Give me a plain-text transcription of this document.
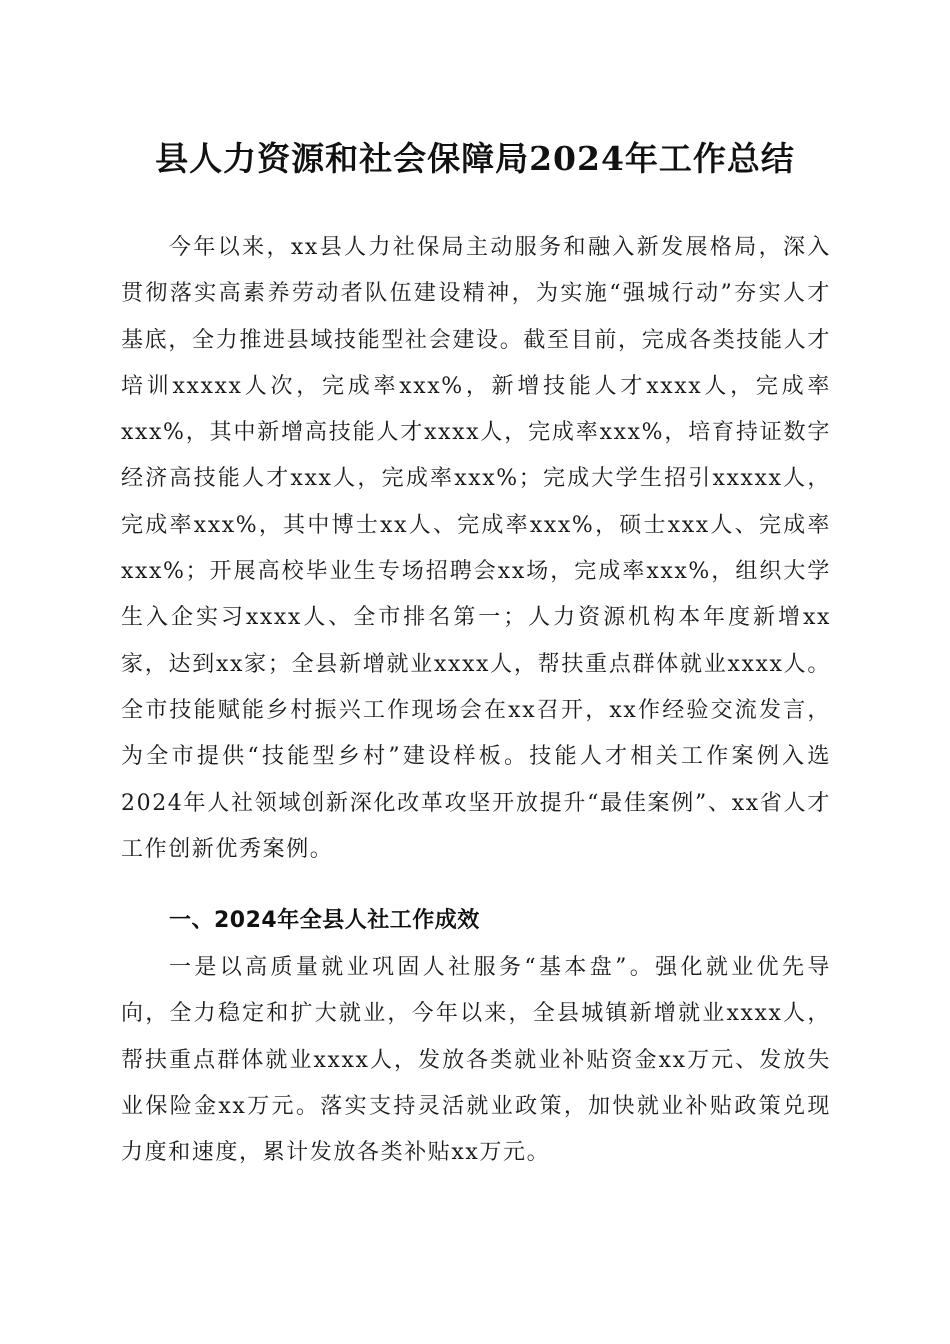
县人力资源和社会保障局2024年工作总结

今年以来，xx县人力社保局主动服务和融入新发展格局，深入贯彻落实高素养劳动者队伍建设精神，为实施“强城行动”夯实人才基底，全力推进县域技能型社会建设。截至目前，完成各类技能人才培训xxxxx人次，完成率xxx%，新增技能人才xxxx人，完成率xxx%，其中新增高技能人才xxxx人，完成率xxx%，培育持证数字经济高技能人才xxx人，完成率xxx%；完成大学生招引xxxxx人，完成率xxx%，其中博士xx人、完成率xxx%，硕士xxx人、完成率xxx%；开展高校毕业生专场招聘会xx场，完成率xxx%，组织大学生入企实习xxxx人、全市排名第一；人力资源机构本年度新增xx家，达到xx家；全县新增就业xxxx人，帮扶重点群体就业xxxx人。全市技能赋能乡村振兴工作现场会在xx召开，xx作经验交流发言，为全市提供“技能型乡村”建设样板。技能人才相关工作案例入选2024年人社领域创新深化改革攻坚开放提升“最佳案例”、xx省人才工作创新优秀案例。

一、2024年全县人社工作成效

一是以高质量就业巩固人社服务“基本盘”。强化就业优先导向，全力稳定和扩大就业，今年以来，全县城镇新增就业xxxx人，帮扶重点群体就业xxxx人，发放各类就业补贴资金xx万元、发放失业保险金xx万元。落实支持灵活就业政策，加快就业补贴政策兑现力度和速度，累计发放各类补贴xx万元。
